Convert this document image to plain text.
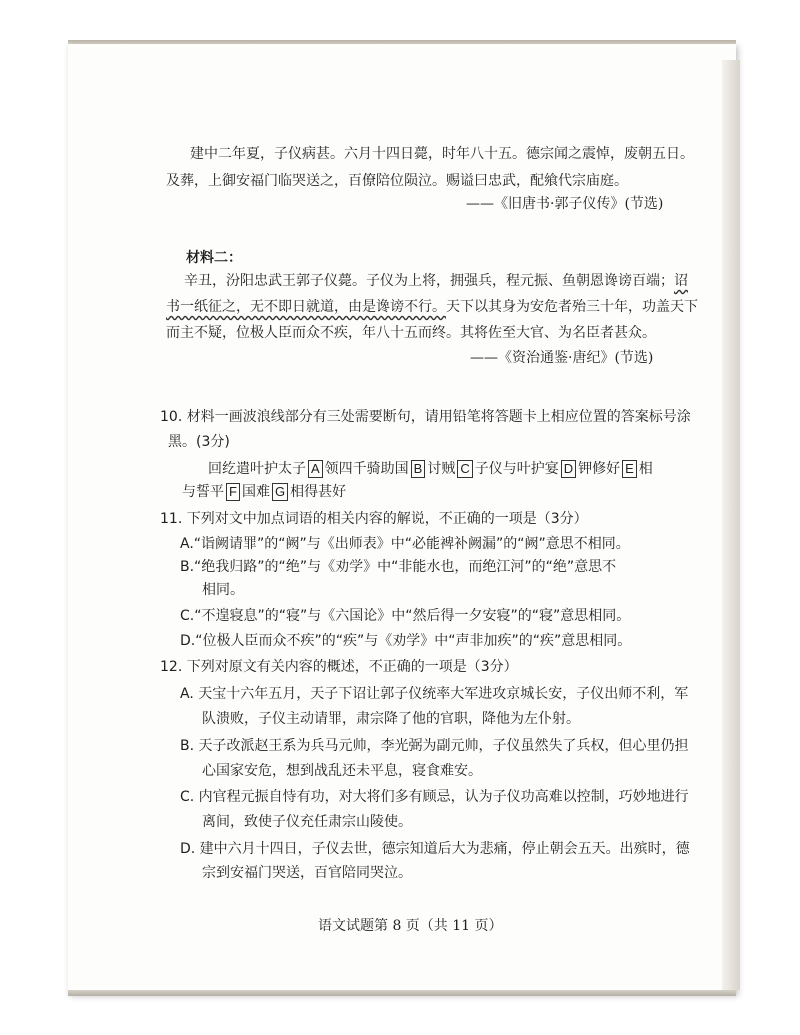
建中二年夏，子仪病甚。六月十四日薨，时年八十五。德宗闻之震悼，废朝五日。
及葬，上御安福门临哭送之，百僚陪位陨泣。赐谥曰忠武，配飨代宗庙庭。
——《旧唐书·郭子仪传》(节选)
材料二：
辛丑，汾阳忠武王郭子仪薨。子仪为上将，拥强兵，程元振、鱼朝恩谗谤百端；诏
书一纸征之，无不即日就道，由是谗谤不行。天下以其身为安危者殆三十年，功盖天下
而主不疑，位极人臣而众不疾，年八十五而终。其将佐至大官、为名臣者甚众。
——《资治通鉴·唐纪》(节选)
10. 材料一画波浪线部分有三处需要断句，请用铅笔将答题卡上相应位置的答案标号涂
黑。(3分)
回纥遣叶护太子 A 领四千骑助国 B 讨贼 C 子仪与叶护宴 D 钾修好 E 相
与誓平 F 国难 G 相得甚好
11. 下列对文中加点词语的相关内容的解说，不正确的一项是（3分）
A.“诣阙请罪”的“阙”与《出师表》中“必能裨补阙漏”的“阙”意思不相同。
B.“绝我归路”的“绝”与《劝学》中“非能水也，而绝江河”的“绝”意思不
相同。
C.“不遑寝息”的“寝”与《六国论》中“然后得一夕安寝”的“寝”意思相同。
D.“位极人臣而众不疾”的“疾”与《劝学》中“声非加疾”的“疾”意思相同。
12. 下列对原文有关内容的概述，不正确的一项是（3分）
A. 天宝十六年五月，天子下诏让郭子仪统率大军进攻京城长安，子仪出师不利，军
队溃败，子仪主动请罪，肃宗降了他的官职，降他为左仆射。
B. 天子改派赵王系为兵马元帅，李光弼为副元帅，子仪虽然失了兵权，但心里仍担
心国家安危，想到战乱还未平息，寝食难安。
C. 内官程元振自恃有功，对大将们多有顾忌，认为子仪功高难以控制，巧妙地进行
离间，致使子仪充任肃宗山陵使。
D. 建中六月十四日，子仪去世，德宗知道后大为悲痛，停止朝会五天。出殡时，德
宗到安福门哭送，百官陪同哭泣。
语文试题第 8 页（共 11 页）
